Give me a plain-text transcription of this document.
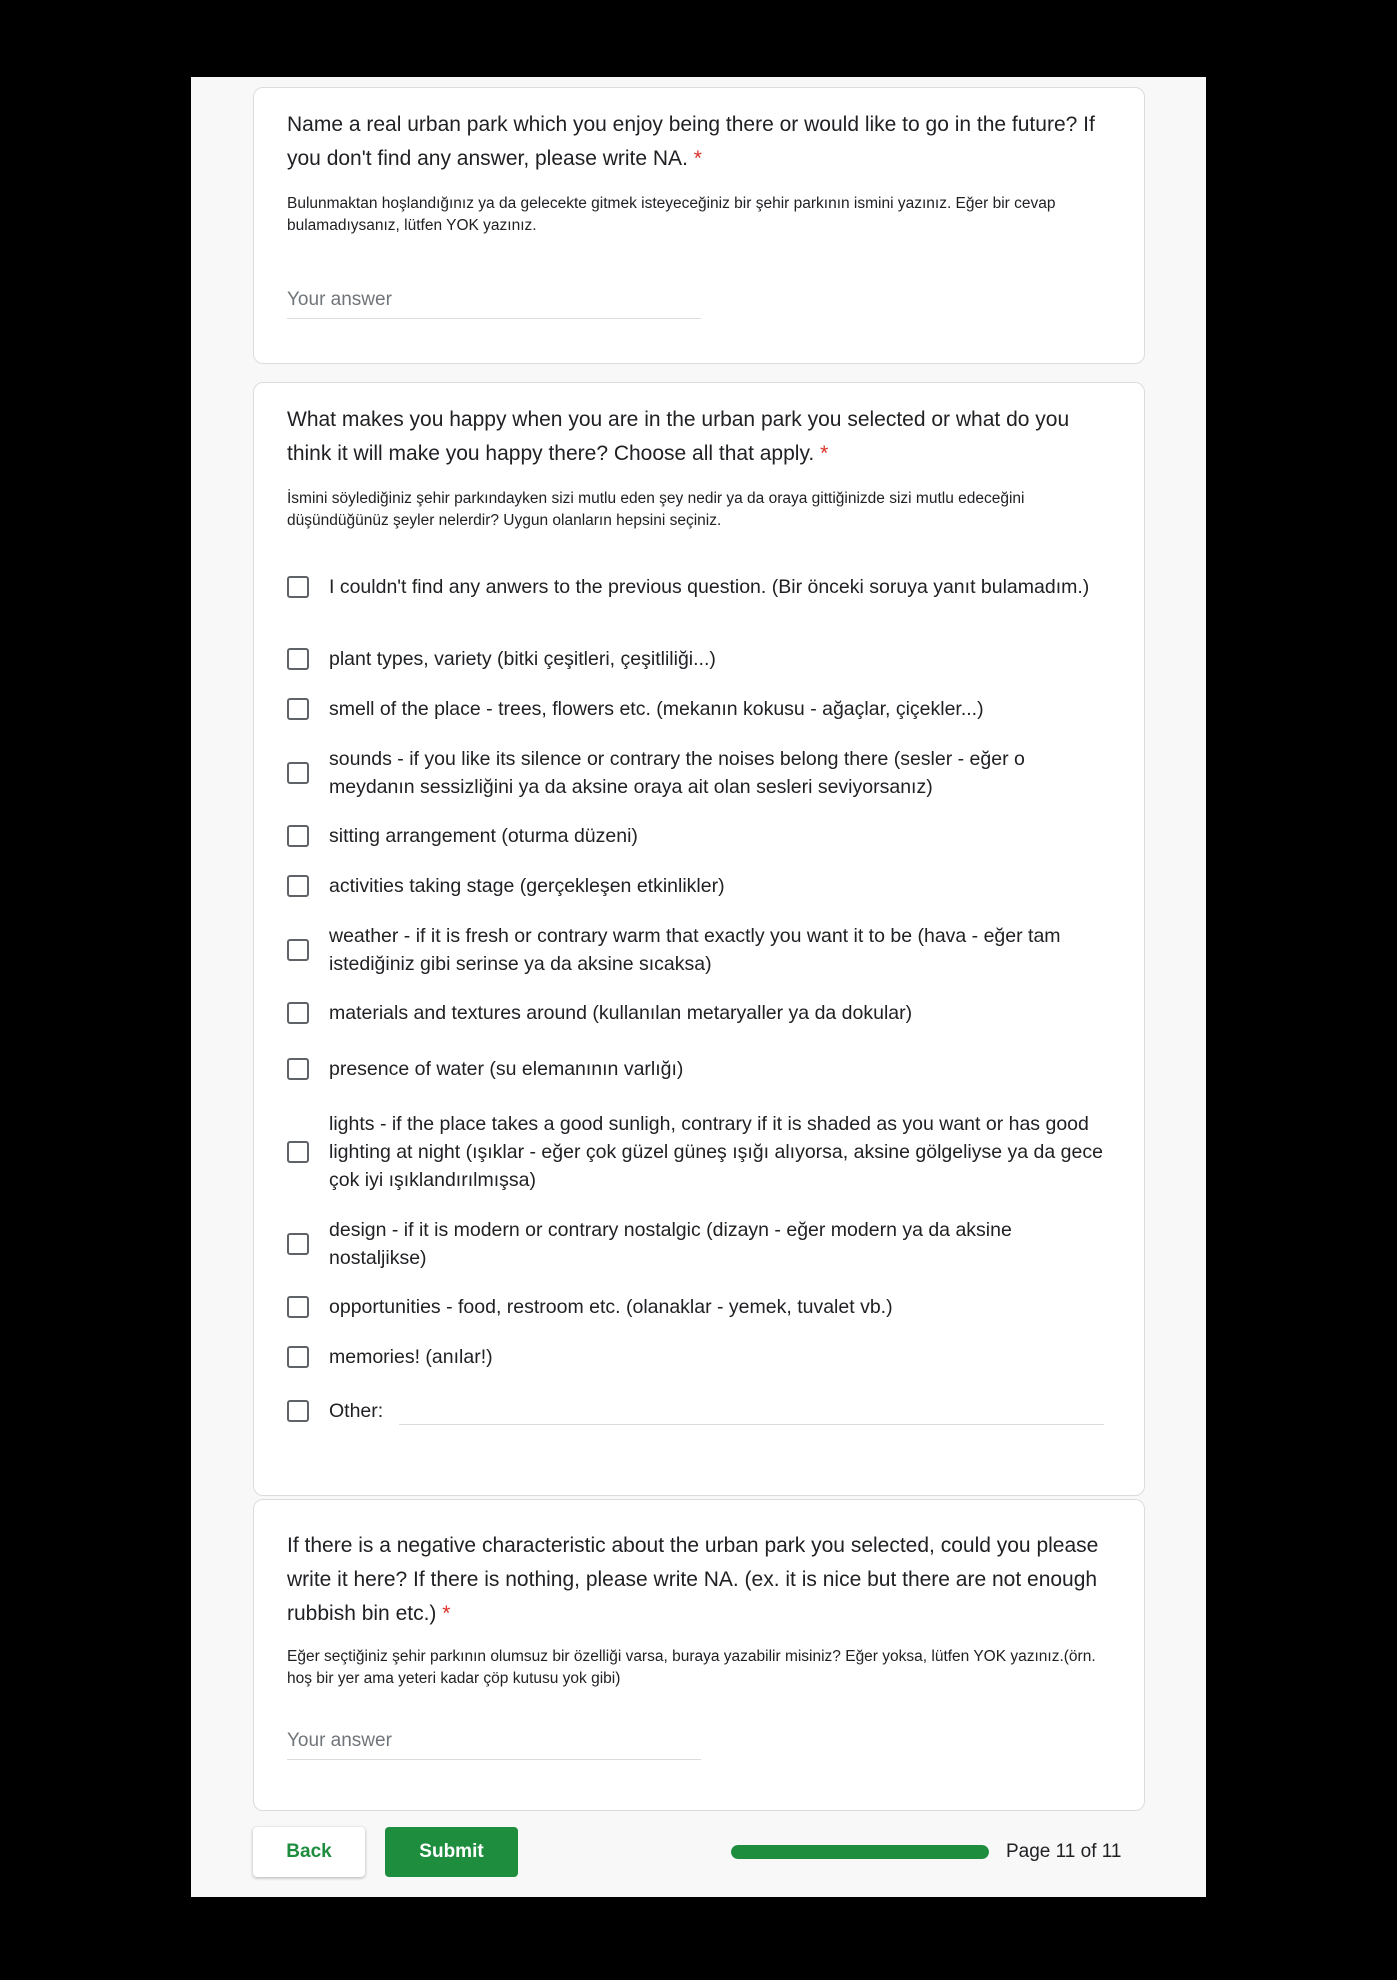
Name a real urban park which you enjoy being there or would like to go in the future? If you don't find any answer, please write NA. *
Bulunmaktan hoşlandığınız ya da gelecekte gitmek isteyeceğiniz bir şehir parkının ismini yazınız. Eğer bir cevap bulamadıysanız, lütfen YOK yazınız.
Your answer
What makes you happy when you are in the urban park you selected or what do you think it will make you happy there? Choose all that apply. *
İsmini söylediğiniz şehir parkındayken sizi mutlu eden şey nedir ya da oraya gittiğinizde sizi mutlu edeceğini düşündüğünüz şeyler nelerdir? Uygun olanların hepsini seçiniz.
I couldn't find any anwers to the previous question. (Bir önceki soruya yanıt bulamadım.)
plant types, variety (bitki çeşitleri, çeşitliliği...)
smell of the place - trees, flowers etc. (mekanın kokusu - ağaçlar, çiçekler...)
sounds - if you like its silence or contrary the noises belong there (sesler - eğer o meydanın sessizliğini ya da aksine oraya ait olan sesleri seviyorsanız)
sitting arrangement (oturma düzeni)
activities taking stage (gerçekleşen etkinlikler)
weather - if it is fresh or contrary warm that exactly you want it to be (hava - eğer tam istediğiniz gibi serinse ya da aksine sıcaksa)
materials and textures around (kullanılan metaryaller ya da dokular)
presence of water (su elemanının varlığı)
lights - if the place takes a good sunligh, contrary if it is shaded as you want or has good lighting at night (ışıklar - eğer çok güzel güneş ışığı alıyorsa, aksine gölgeliyse ya da gece çok iyi ışıklandırılmışsa)
design - if it is modern or contrary nostalgic (dizayn - eğer modern ya da aksine nostaljikse)
opportunities - food, restroom etc. (olanaklar - yemek, tuvalet vb.)
memories! (anılar!)
Other:
If there is a negative characteristic about the urban park you selected, could you please write it here? If there is nothing, please write NA. (ex. it is nice but there are not enough rubbish bin etc.) *
Eğer seçtiğiniz şehir parkının olumsuz bir özelliği varsa, buraya yazabilir misiniz? Eğer yoksa, lütfen YOK yazınız.(örn. hoş bir yer ama yeteri kadar çöp kutusu yok gibi)
Your answer
Back	Submit	Page 11 of 11
